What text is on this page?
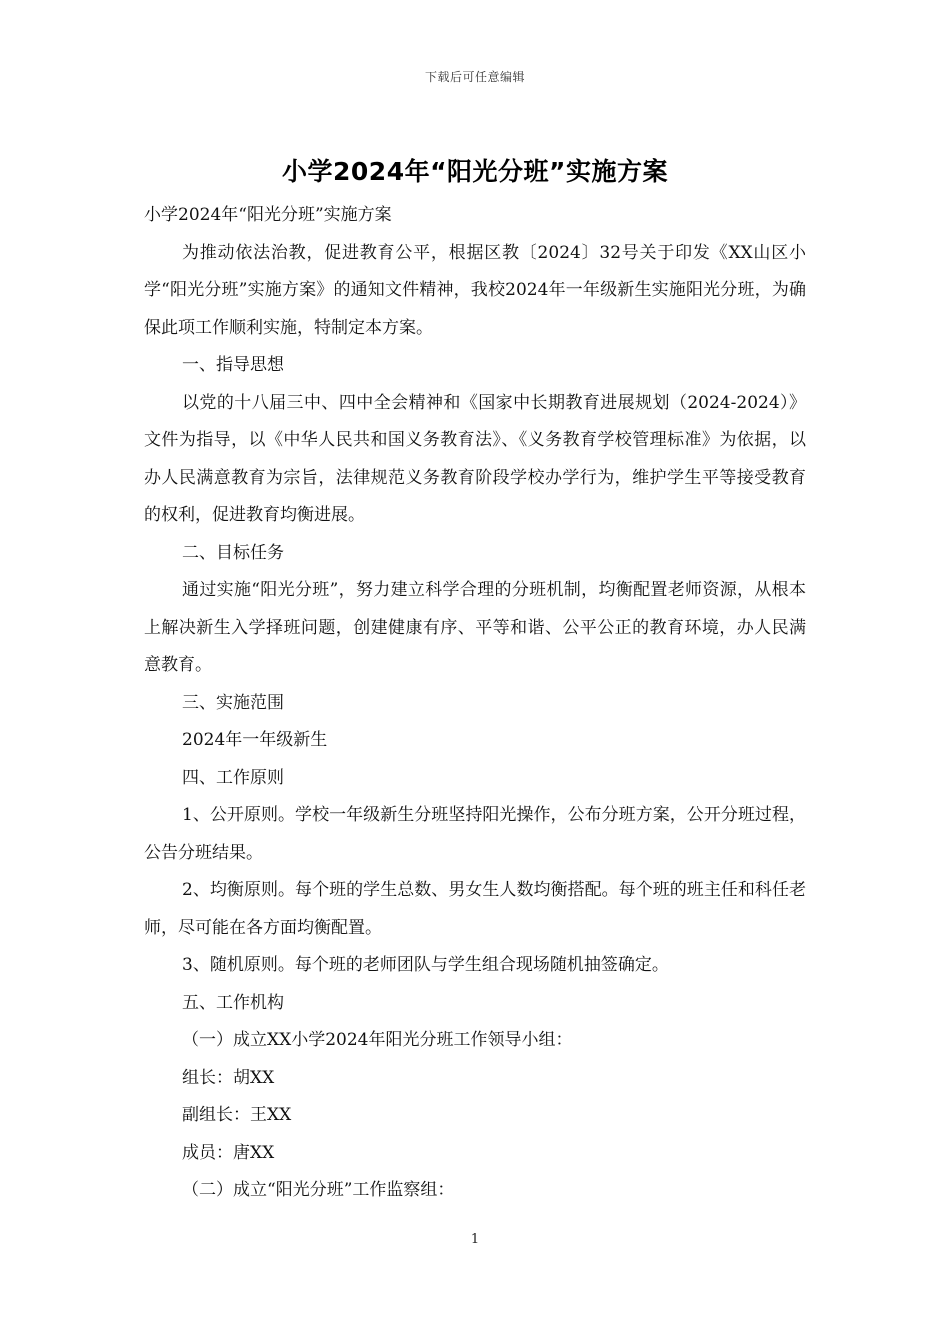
下载后可任意编辑
小学2024年“阳光分班”实施方案

小学2024年“阳光分班”实施方案

为推动依法治教，促进教育公平，根据区教〔2024〕32号关于印发《XX山区小学“阳光分班”实施方案》的通知文件精神，我校2024年一年级新生实施阳光分班，为确保此项工作顺利实施，特制定本方案。

一、指导思想

以党的十八届三中、四中全会精神和《国家中长期教育进展规划（2024-2024）》文件为指导，以《中华人民共和国义务教育法》、《义务教育学校管理标准》为依据，以办人民满意教育为宗旨，法律规范义务教育阶段学校办学行为，维护学生平等接受教育的权利，促进教育均衡进展。

二、目标任务

通过实施“阳光分班”，努力建立科学合理的分班机制，均衡配置老师资源，从根本上解决新生入学择班问题，创建健康有序、平等和谐、公平公正的教育环境，办人民满意教育。

三、实施范围

2024年一年级新生

四、工作原则

1、公开原则。学校一年级新生分班坚持阳光操作，公布分班方案，公开分班过程，公告分班结果。

2、均衡原则。每个班的学生总数、男女生人数均衡搭配。每个班的班主任和科任老师，尽可能在各方面均衡配置。

3、随机原则。每个班的老师团队与学生组合现场随机抽签确定。

五、工作机构

（一）成立XX小学2024年阳光分班工作领导小组：

组长：胡XX

副组长：王XX

成员：唐XX

（二）成立“阳光分班”工作监察组：

1
